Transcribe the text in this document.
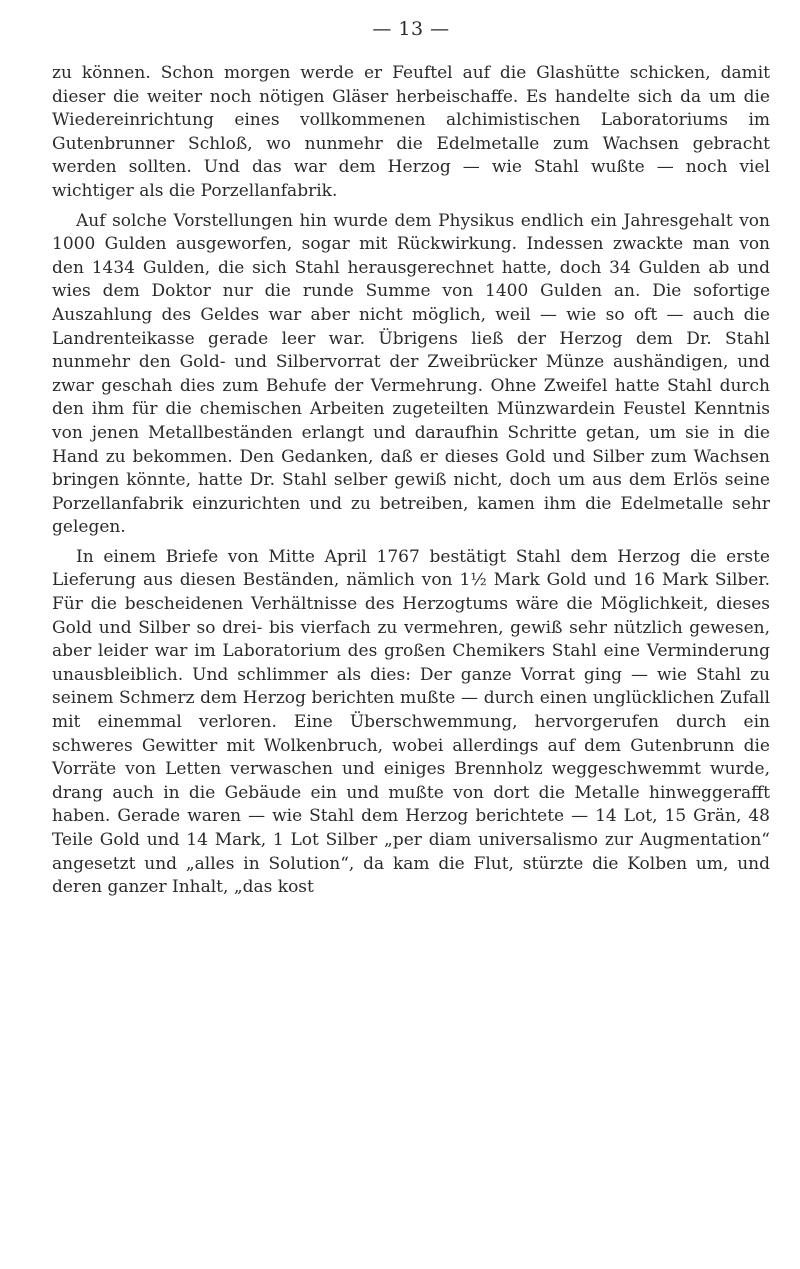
— 13 —

zu können. Schon morgen werde er Feuftel auf die Glashütte schicken, damit dieser die weiter noch nötigen Gläser herbeischaffe. Es handelte sich da um die Wiedereinrichtung eines vollkommenen alchimistischen Laboratoriums im Gutenbrunner Schloß, wo nunmehr die Edelmetalle zum Wachsen gebracht werden sollten. Und das war dem Herzog — wie Stahl wußte — noch viel wichtiger als die Porzellanfabrik.

Auf solche Vorstellungen hin wurde dem Physikus endlich ein Jahresgehalt von 1000 Gulden ausgeworfen, sogar mit Rückwirkung. Indessen zwackte man von den 1434 Gulden, die sich Stahl herausgerechnet hatte, doch 34 Gulden ab und wies dem Doktor nur die runde Summe von 1400 Gulden an. Die sofortige Auszahlung des Geldes war aber nicht möglich, weil — wie so oft — auch die Landrenteikasse gerade leer war. Übrigens ließ der Herzog dem Dr. Stahl nunmehr den Gold- und Silbervorrat der Zweibrücker Münze aushändigen, und zwar geschah dies zum Behufe der Vermehrung. Ohne Zweifel hatte Stahl durch den ihm für die chemischen Arbeiten zugeteilten Münzwardein Feustel Kenntnis von jenen Metallbeständen erlangt und daraufhin Schritte getan, um sie in die Hand zu bekommen. Den Gedanken, daß er dieses Gold und Silber zum Wachsen bringen könnte, hatte Dr. Stahl selber gewiß nicht, doch um aus dem Erlös seine Porzellanfabrik einzurichten und zu betreiben, kamen ihm die Edelmetalle sehr gelegen.

In einem Briefe von Mitte April 1767 bestätigt Stahl dem Herzog die erste Lieferung aus diesen Beständen, nämlich von 1½ Mark Gold und 16 Mark Silber. Für die bescheidenen Verhältnisse des Herzogtums wäre die Möglichkeit, dieses Gold und Silber so drei- bis vierfach zu vermehren, gewiß sehr nützlich gewesen, aber leider war im Laboratorium des großen Chemikers Stahl eine Verminderung unausbleiblich. Und schlimmer als dies: Der ganze Vorrat ging — wie Stahl zu seinem Schmerz dem Herzog berichten mußte — durch einen unglücklichen Zufall mit einemmal verloren. Eine Überschwemmung, hervorgerufen durch ein schweres Gewitter mit Wolkenbruch, wobei allerdings auf dem Gutenbrunn die Vorräte von Letten verwaschen und einiges Brennholz weggeschwemmt wurde, drang auch in die Gebäude ein und mußte von dort die Metalle hinweggerafft haben. Gerade waren — wie Stahl dem Herzog berichtete — 14 Lot, 15 Grän, 48 Teile Gold und 14 Mark, 1 Lot Silber „per diam universalismo zur Augmentation“ angesetzt und „alles in Solution“, da kam die Flut, stürzte die Kolben um, und deren ganzer Inhalt, „das kost
